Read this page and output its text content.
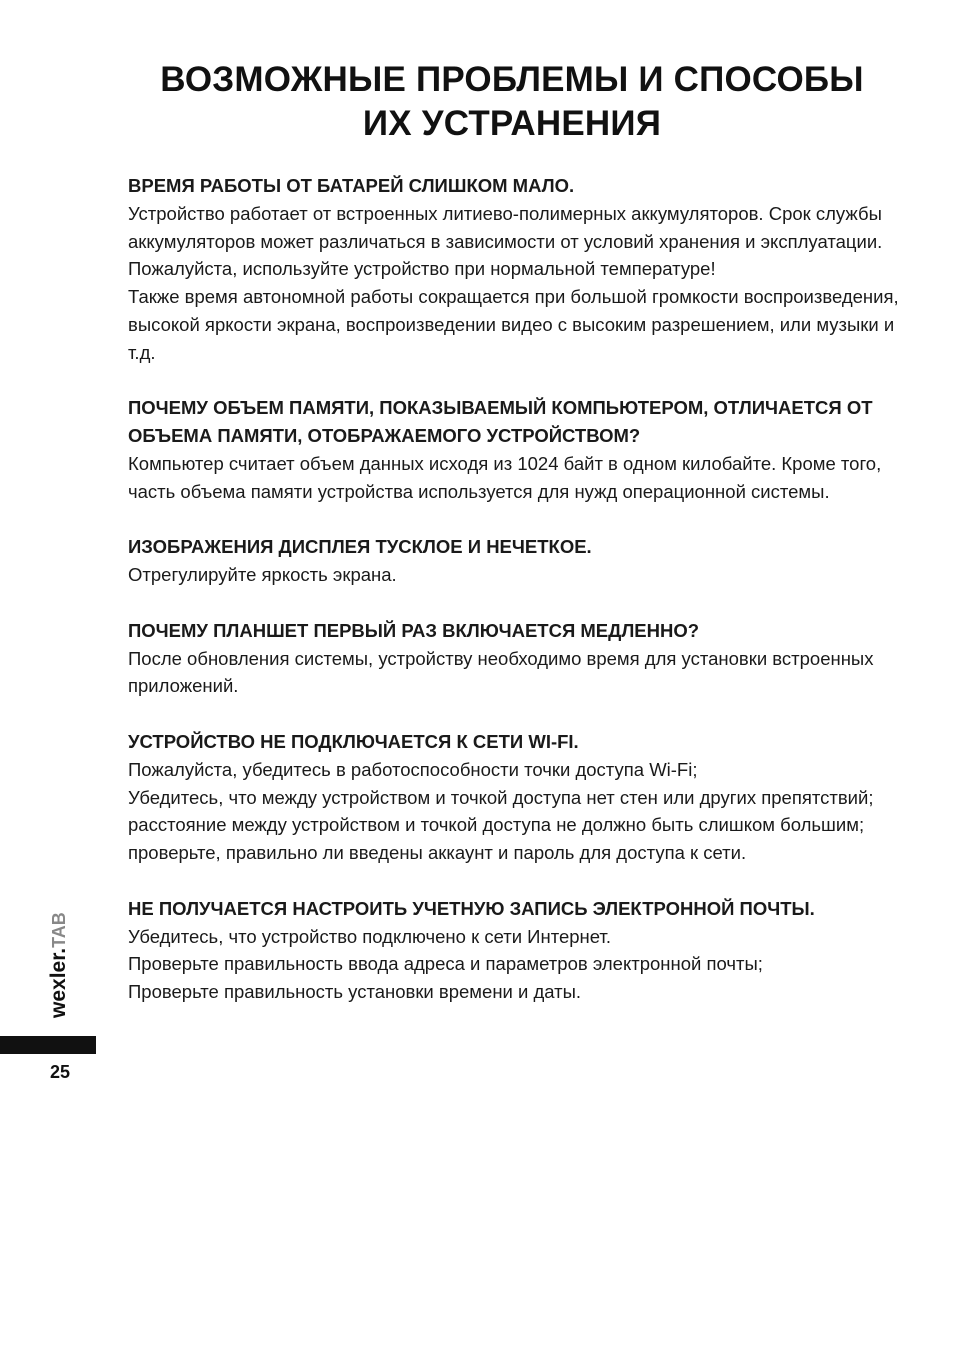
ВОЗМОЖНЫЕ ПРОБЛЕМЫ И СПОСОБЫ
ИХ УСТРАНЕНИЯ
ВРЕМЯ РАБОТЫ ОТ БАТАРЕЙ СЛИШКОМ МАЛО.
Устройство работает от встроенных литиево-полимерных аккумуляторов. Срок службы аккумуляторов может различаться в зависимости от условий хранения и эксплуатации. Пожалуйста, используйте устройство при нормальной температуре!
Также время автономной работы сокращается при большой громкости воспроизведения, высокой яркости экрана, воспроизведении видео с высоким разрешением, или музыки и т.д.
ПОЧЕМУ ОБЪЕМ ПАМЯТИ, ПОКАЗЫВАЕМЫЙ КОМПЬЮТЕРОМ, ОТЛИЧАЕТСЯ ОТ ОБЪЕМА ПАМЯТИ, ОТОБРАЖАЕМОГО УСТРОЙСТВОМ?
Компьютер считает объем данных исходя из 1024 байт в одном килобайте. Кроме того, часть объема памяти устройства используется для нужд операционной системы.
ИЗОБРАЖЕНИЯ ДИСПЛЕЯ ТУСКЛОЕ И НЕЧЕТКОЕ.
Отрегулируйте яркость экрана.
ПОЧЕМУ ПЛАНШЕТ ПЕРВЫЙ РАЗ ВКЛЮЧАЕТСЯ МЕДЛЕННО?
После обновления системы, устройству необходимо время для установки встроенных приложений.
УСТРОЙСТВО НЕ ПОДКЛЮЧАЕТСЯ К СЕТИ WI-FI.
Пожалуйста, убедитесь в работоспособности точки доступа Wi-Fi;
Убедитесь, что между устройством и точкой доступа нет стен или других препятствий; расстояние между устройством и точкой доступа не должно быть слишком большим; проверьте, правильно ли введены аккаунт и пароль для доступа к сети.
НЕ ПОЛУЧАЕТСЯ НАСТРОИТЬ УЧЕТНУЮ ЗАПИСЬ ЭЛЕКТРОННОЙ ПОЧТЫ.
Убедитесь, что устройство подключено к сети Интернет.
Проверьте правильность ввода адреса и параметров электронной почты;
Проверьте правильность установки времени и даты.
wexler.TAB
25
